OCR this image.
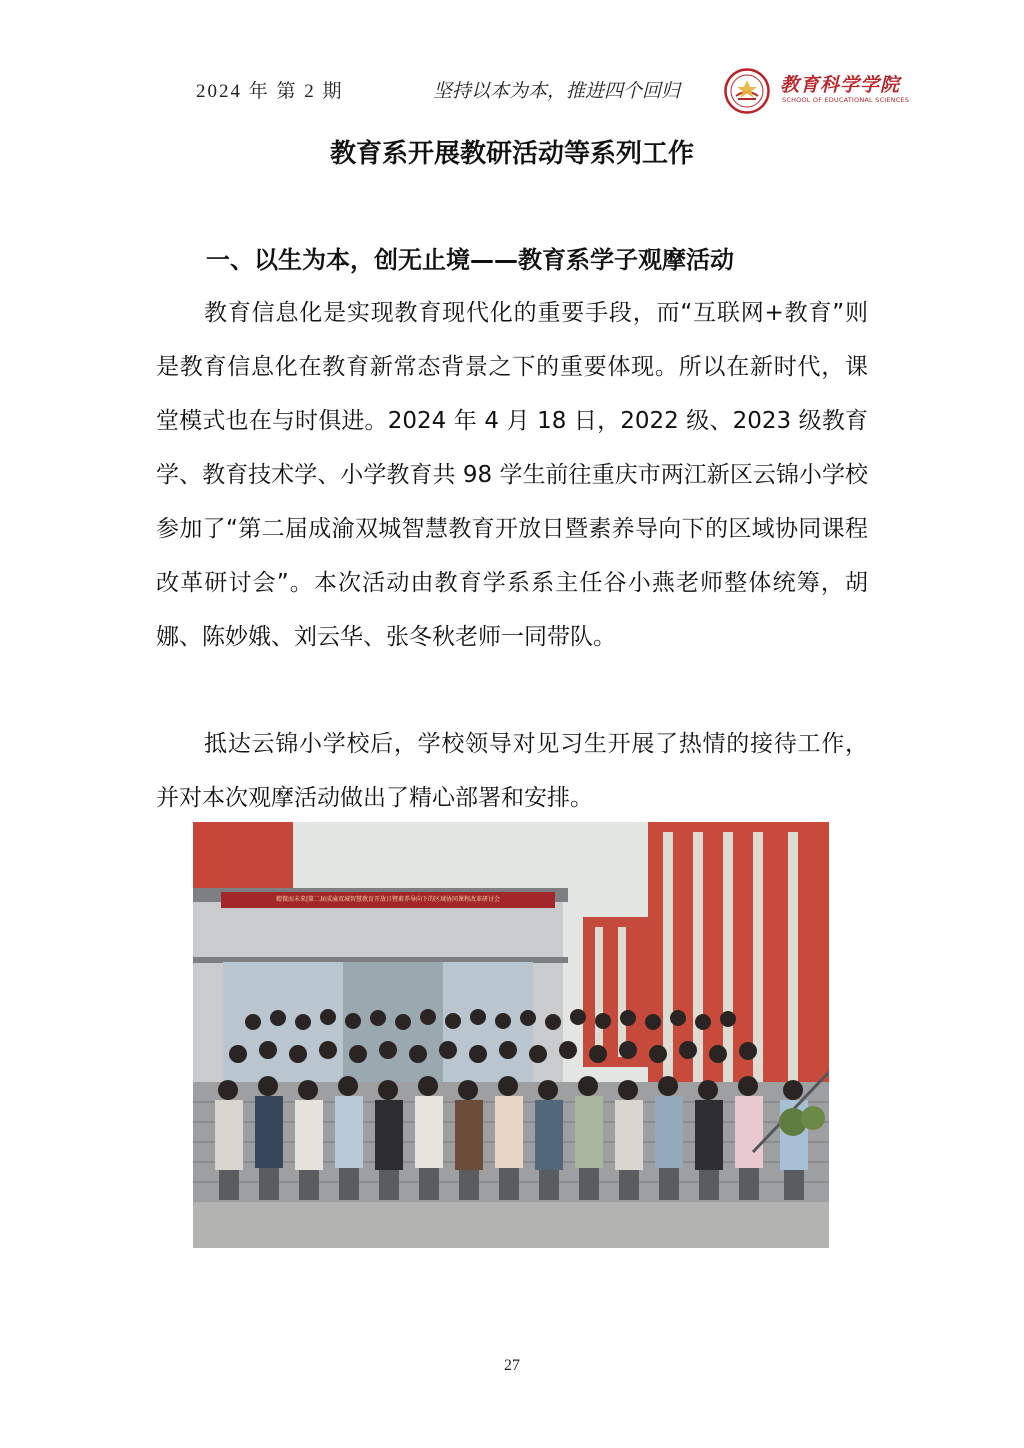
2024 年 第 2 期	坚持以本为本，推进四个回归	教育科学学院
SCHOOL OF EDUCATIONAL SCIENCES
教育系开展教研活动等系列工作
一、以生为本，创无止境——教育系学子观摩活动

教育信息化是实现教育现代化的重要手段，而“互联网+教育”则是教育信息化在教育新常态背景之下的重要体现。所以在新时代，课堂模式也在与时俱进。2024 年 4 月 18 日，2022 级、2023 级教育学、教育技术学、小学教育共 98 学生前往重庆市两江新区云锦小学校参加了“第二届成渝双城智慧教育开放日暨素养导向下的区域协同课程改革研讨会”。本次活动由教育学系系主任谷小燕老师整体统筹，胡娜、陈妙娥、刘云华、张冬秋老师一同带队。

抵达云锦小学校后，学校领导对见习生开展了热情的接待工作，并对本次观摩活动做出了精心部署和安排。

精微而未来|第二届成渝双城智慧教育开放日暨素养导向下的区域协同课程改革研讨会
27
